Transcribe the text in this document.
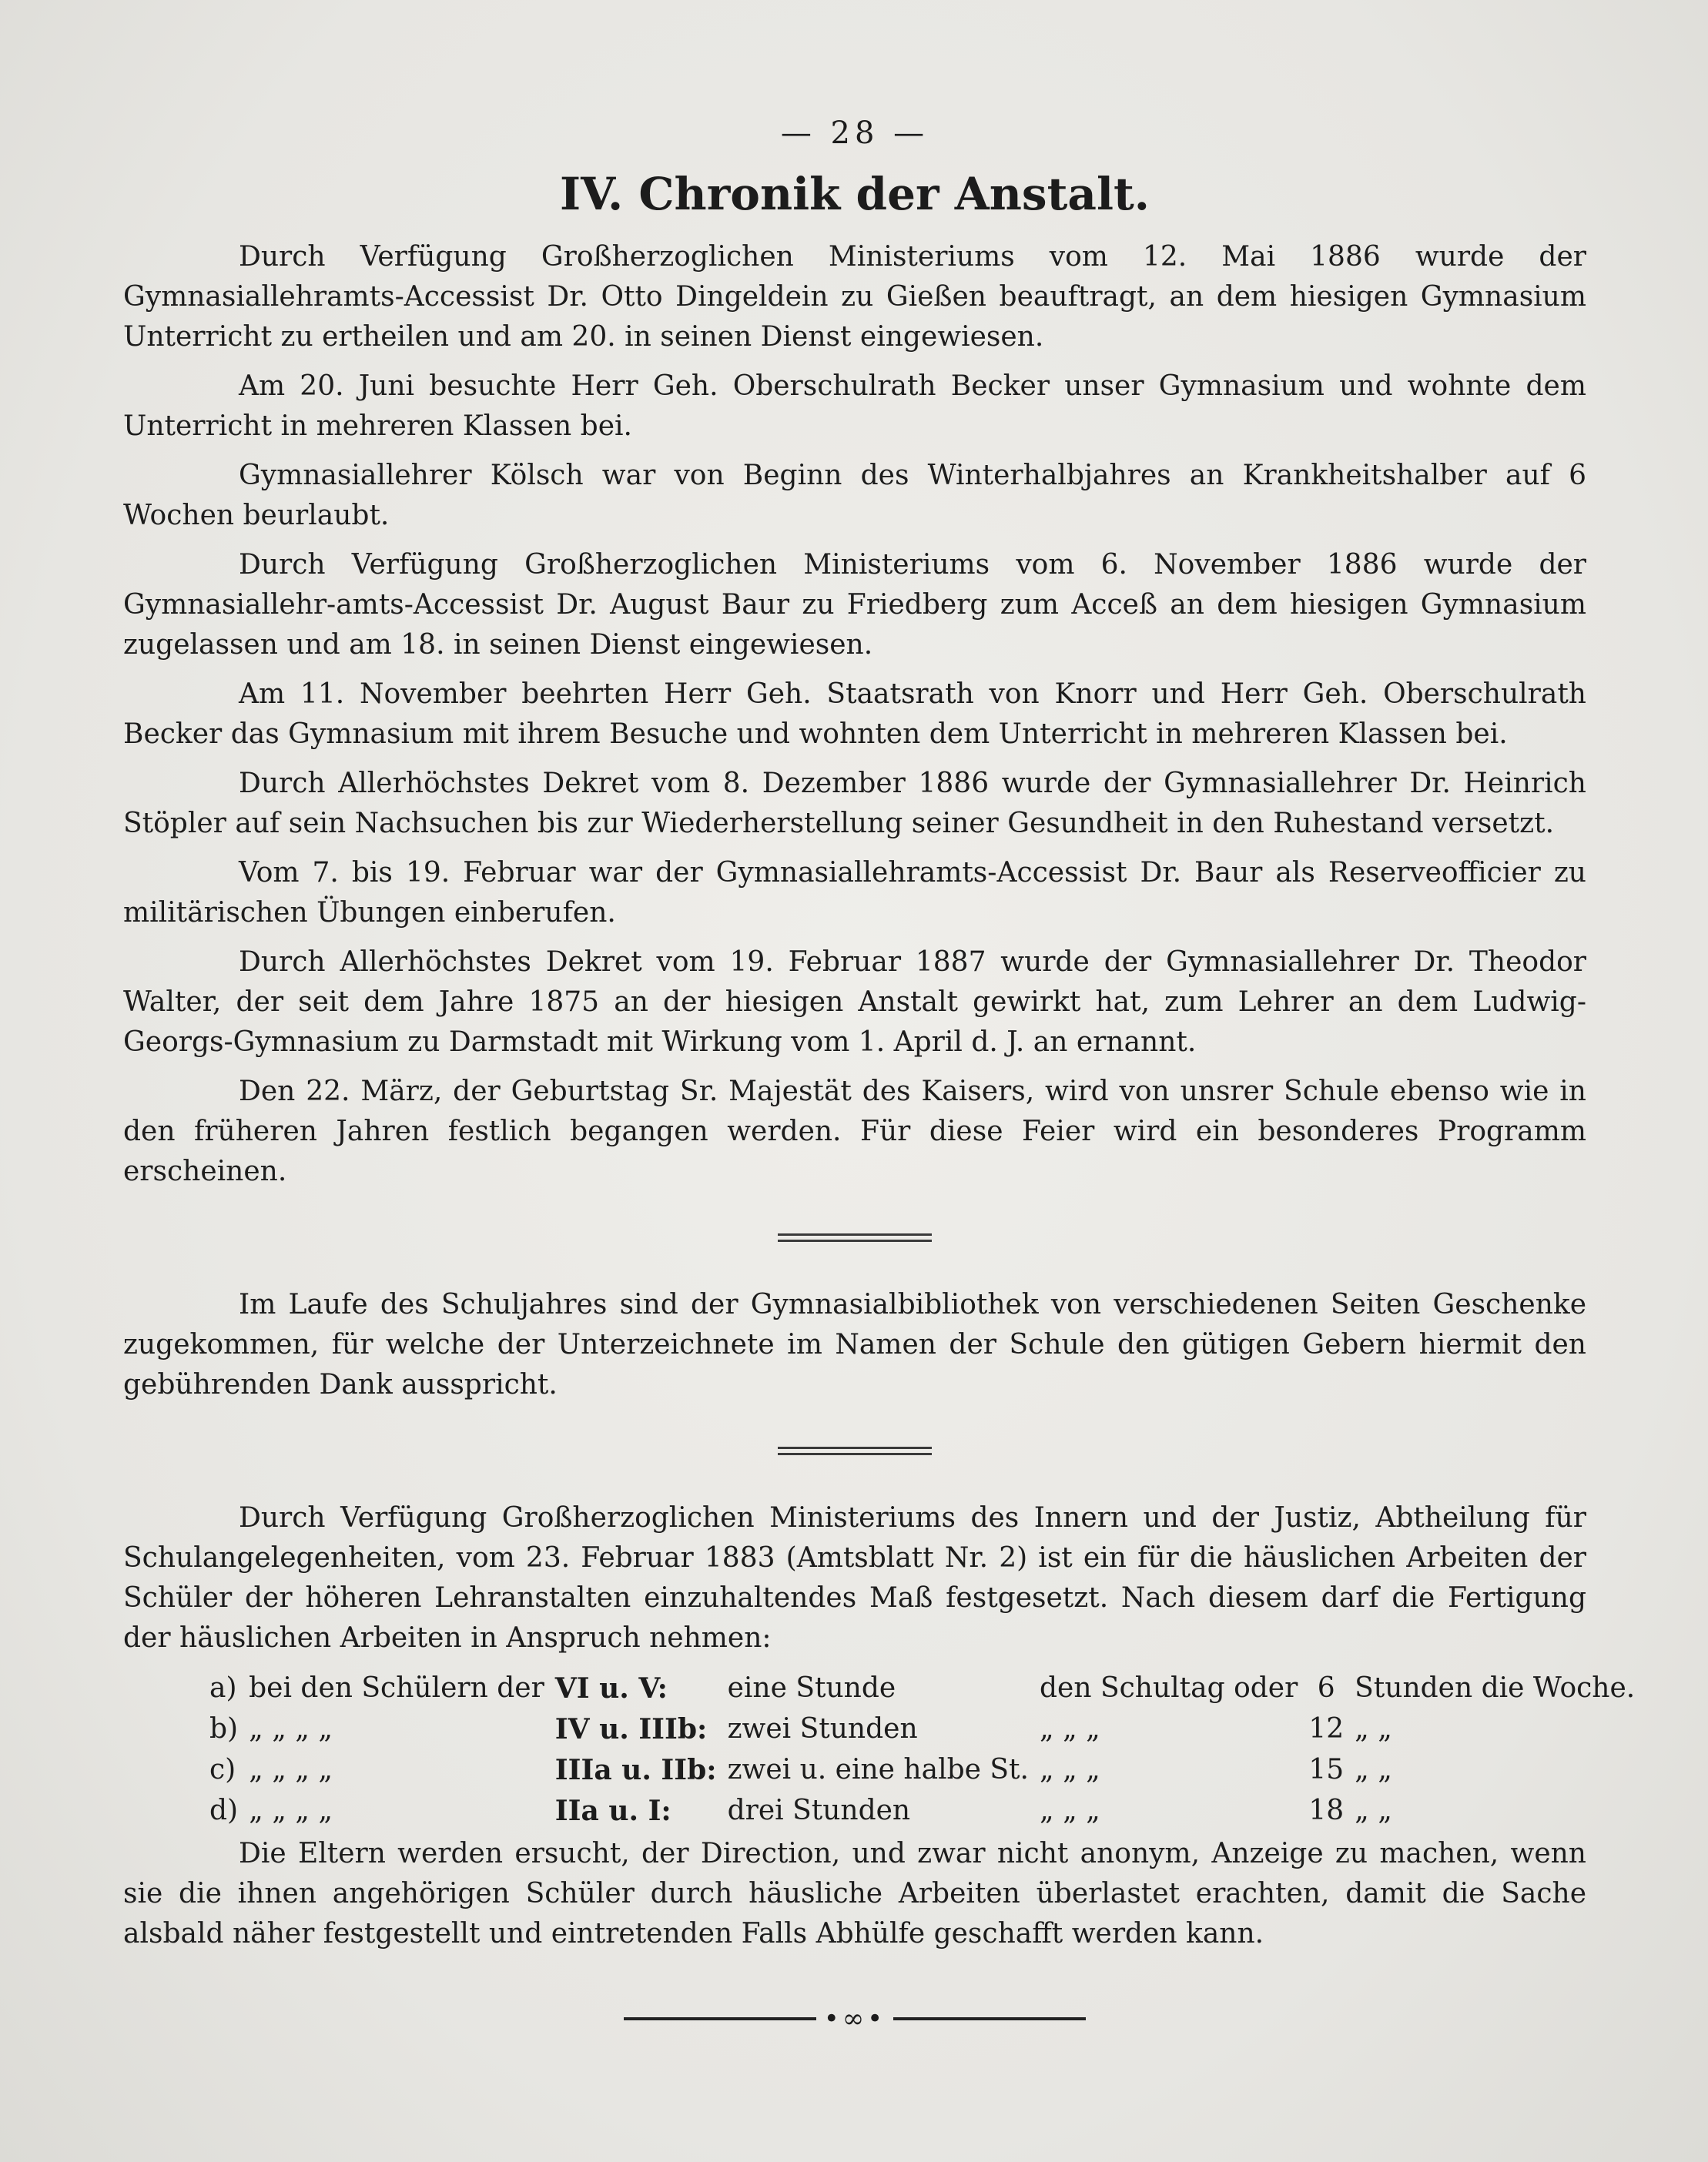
— 28 —
IV. Chronik der Anstalt.

Durch Verfügung Großherzoglichen Ministeriums vom 12. Mai 1886 wurde der Gymnasiallehramts-Accessist Dr. Otto Dingeldein zu Gießen beauftragt, an dem hiesigen Gymnasium Unterricht zu ertheilen und am 20. in seinen Dienst eingewiesen.

Am 20. Juni besuchte Herr Geh. Oberschulrath Becker unser Gymnasium und wohnte dem Unterricht in mehreren Klassen bei.

Gymnasiallehrer Kölsch war von Beginn des Winterhalbjahres an Krankheitshalber auf 6 Wochen beurlaubt.

Durch Verfügung Großherzoglichen Ministeriums vom 6. November 1886 wurde der Gymnasiallehr-amts-Accessist Dr. August Baur zu Friedberg zum Acceß an dem hiesigen Gymnasium zugelassen und am 18. in seinen Dienst eingewiesen.

Am 11. November beehrten Herr Geh. Staatsrath von Knorr und Herr Geh. Oberschulrath Becker das Gymnasium mit ihrem Besuche und wohnten dem Unterricht in mehreren Klassen bei.

Durch Allerhöchstes Dekret vom 8. Dezember 1886 wurde der Gymnasiallehrer Dr. Heinrich Stöpler auf sein Nachsuchen bis zur Wiederherstellung seiner Gesundheit in den Ruhestand versetzt.

Vom 7. bis 19. Februar war der Gymnasiallehramts-Accessist Dr. Baur als Reserveofficier zu militärischen Übungen einberufen.

Durch Allerhöchstes Dekret vom 19. Februar 1887 wurde der Gymnasiallehrer Dr. Theodor Walter, der seit dem Jahre 1875 an der hiesigen Anstalt gewirkt hat, zum Lehrer an dem Ludwig-Georgs-Gymnasium zu Darmstadt mit Wirkung vom 1. April d. J. an ernannt.

Den 22. März, der Geburtstag Sr. Majestät des Kaisers, wird von unsrer Schule ebenso wie in den früheren Jahren festlich begangen werden. Für diese Feier wird ein besonderes Programm erscheinen.

Im Laufe des Schuljahres sind der Gymnasialbibliothek von verschiedenen Seiten Geschenke zugekommen, für welche der Unterzeichnete im Namen der Schule den gütigen Gebern hiermit den gebührenden Dank ausspricht.

Durch Verfügung Großherzoglichen Ministeriums des Innern und der Justiz, Abtheilung für Schulangelegenheiten, vom 23. Februar 1883 (Amtsblatt Nr. 2) ist ein für die häuslichen Arbeiten der Schüler der höheren Lehranstalten einzuhaltendes Maß festgesetzt. Nach diesem darf die Fertigung der häuslichen Arbeiten in Anspruch nehmen:

a)	bei den Schülern der	VI u. V:	eine Stunde	den Schultag oder	6	Stunden die Woche.
b)	„ „ „ „	IV u. IIIb:	zwei Stunden	„ „ „	12	„ „
c)	„ „ „ „	IIIa u. IIb:	zwei u. eine halbe St.	„ „ „	15	„ „
d)	„ „ „ „	IIa u. I:	drei Stunden	„ „ „	18	„ „

Die Eltern werden ersucht, der Direction, und zwar nicht anonym, Anzeige zu machen, wenn sie die ihnen angehörigen Schüler durch häusliche Arbeiten überlastet erachten, damit die Sache alsbald näher festgestellt und eintretenden Falls Abhülfe geschafft werden kann.

•∞•
